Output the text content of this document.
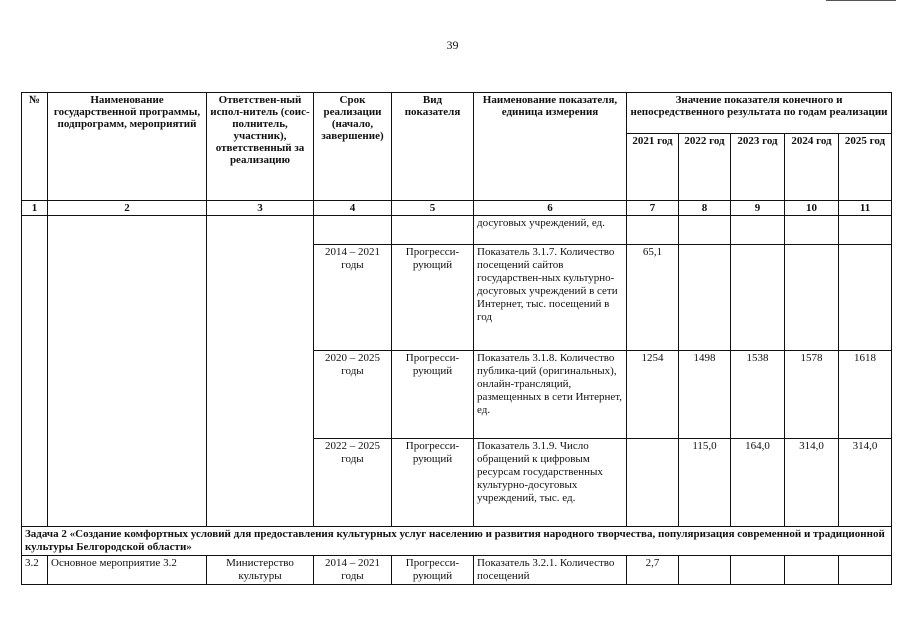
39
№	Наименование государственной программы, подпрограмм, мероприятий	Ответствен-ный испол-нитель (соис-полнитель, участник), ответственный за реализацию	Срок реализации (начало, завершение)	Вид показателя	Наименование показателя, единица измерения	Значение показателя конечного и непосредственного результата по годам реализации				
						2021 год	2022 год	2023 год	2024 год	2025 год
1	2	3	4	5	6	7	8	9	10	11
					досуговых учреждений, ед.					
			2014 – 2021 годы	Прогресси-рующий	Показатель 3.1.7. Количество посещений сайтов государствен-ных культурно-досуговых учреждений в сети Интернет, тыс. посещений в год	65,1				
			2020 – 2025 годы	Прогресси-рующий	Показатель 3.1.8. Количество публика-ций (оригинальных), онлайн-трансляций, размещенных в сети Интернет, ед.	1254	1498	1538	1578	1618
			2022 – 2025 годы	Прогресси-рующий	Показатель 3.1.9. Число обращений к цифровым ресурсам государственных культурно-досуговых учреждений, тыс. ед.		115,0	164,0	314,0	314,0
Задача 2 «Создание комфортных условий для предоставления культурных услуг населению и развития народного творчества, популяризация современной и традиционной культуры Белгородской области»										
3.2	Основное мероприятие 3.2	Министерство культуры	2014 – 2021 годы	Прогресси-рующий	Показатель 3.2.1. Количество посещений	2,7				
